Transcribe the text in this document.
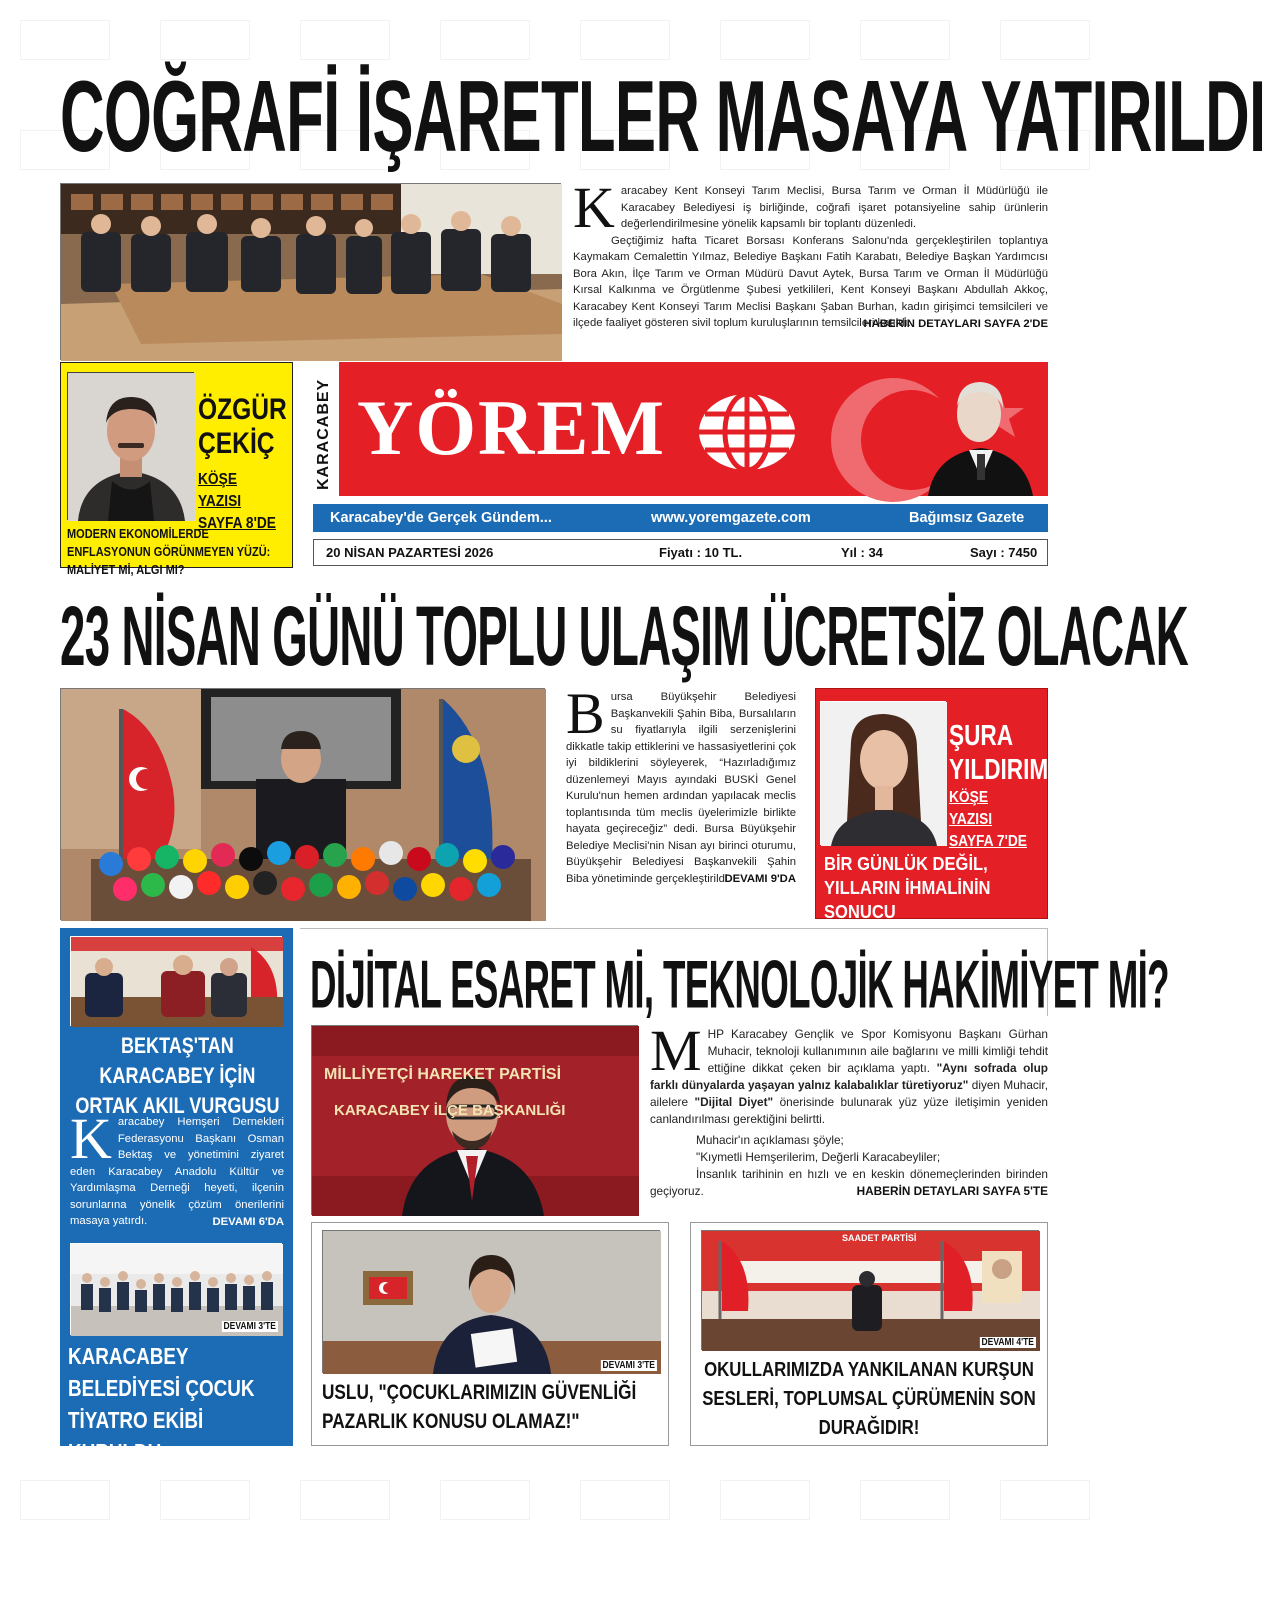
COĞRAFİ İŞARETLER MASAYA YATIRILDI
K aracabey Kent Konseyi Tarım Meclisi, Bursa Tarım ve Orman İl Müdürlüğü ile Karacabey Belediyesi iş birliğinde, coğrafi işaret potansiyeline sahip ürünlerin değerlendirilmesine yönelik kapsamlı bir toplantı düzenledi.

Geçtiğimiz hafta Ticaret Borsası Konferans Salonu'nda gerçekleştirilen toplantıya Kaymakam Cemalettin Yılmaz, Belediye Başkanı Fatih Karabatı, Belediye Başkan Yardımcısı Bora Akın, İlçe Tarım ve Orman Müdürü Davut Aytek, Bursa Tarım ve Orman İl Müdürlüğü Kırsal Kalkınma ve Örgütlenme Şubesi yetkilileri, Kent Konseyi Başkanı Abdullah Akkoç, Karacabey Kent Konseyi Tarım Meclisi Başkanı Şaban Burhan, kadın girişimci temsilcileri ve ilçede faaliyet gösteren sivil toplum kuruluşlarının temsilcileri katıldı.

HABERİN DETAYLARI SAYFA 2'DE
ÖZGÜR
ÇEKİÇ
KÖŞE YAZISI
SAYFA 8'DE
MODERN EKONOMİLERDE ENFLASYONUN GÖRÜNMEYEN YÜZÜ: MALİYET Mİ, ALGI MI?
KARACABEY YÖREM
Karacabey'de Gerçek Gündem...	www.yoremgazete.com	Bağımsız Gazete
20 NİSAN PAZARTESİ 2026	Fiyatı : 10 TL.	Yıl : 34	Sayı : 7450
23 NİSAN GÜNÜ TOPLU ULAŞIM ÜCRETSİZ OLACAK
B ursa Büyükşehir Belediyesi Başkanvekili Şahin Biba, Bursalıların su fiyatlarıyla ilgili serzenişlerini dikkatle takip ettiklerini ve hassasiyetlerini çok iyi bildiklerini söyleyerek, “Hazırladığımız düzenlemeyi Mayıs ayındaki BUSKİ Genel Kurulu'nun hemen ardından yapılacak meclis toplantısında tüm meclis üyelerimizle birlikte hayata geçireceğiz” dedi. Bursa Büyükşehir Belediye Meclisi'nin Nisan ayı birinci oturumu, Büyükşehir Belediyesi Başkanvekili Şahin Biba yönetiminde gerçekleştirildi.

DEVAMI 9'DA
ŞURA
YILDIRIM
KÖŞE YAZISI
SAYFA 7'DE
BİR GÜNLÜK DEĞİL, YILLARIN İHMALİNİN SONUCU
BEKTAŞ'TAN KARACABEY İÇİN ORTAK AKIL VURGUSU
K aracabey Hemşeri Dernekleri Federasyonu Başkanı Osman Bektaş ve yönetimini ziyaret eden Karacabey Anadolu Kültür ve Yardımlaşma Derneği heyeti, ilçenin sorunlarına yönelik çözüm önerilerini masaya yatırdı.	DEVAMI 6'DA
DEVAMI 3'TE
KARACABEY BELEDİYESİ ÇOCUK TİYATRO EKİBİ KURULDU
DİJİTAL ESARET Mİ, TEKNOLOJİK HAKİMİYET Mİ?
MİLLİYETÇİ HAREKET PARTİSİ
KARACABEY İLÇE BAŞKANLIĞI
M HP Karacabey Gençlik ve Spor Komisyonu Başkanı Gürhan Muhacir, teknoloji kullanımının aile bağlarını ve milli kimliği tehdit ettiğine dikkat çeken bir açıklama yaptı. "Aynı sofrada olup farklı dünyalarda yaşayan yalnız kalabalıklar türetiyoruz" diyen Muhacir, ailelere "Dijital Diyet" önerisinde bulunarak yüz yüze iletişimin yeniden canlandırılması gerektiğini belirtti.

Muhacir'ın açıklaması şöyle;

"Kıymetli Hemşerilerim, Değerli Karacabeyliler;

İnsanlık tarihinin en hızlı ve en keskin dönemeçlerinden birinden geçiyoruz.	HABERİN DETAYLARI SAYFA 5'TE
DEVAMI 3'TE
USLU, "ÇOCUKLARIMIZIN GÜVENLİĞİ PAZARLIK KONUSU OLAMAZ!"
SAADET PARTİSİ
DEVAMI 4'TE
OKULLARIMIZDA YANKILANAN KURŞUN SESLERİ, TOPLUMSAL ÇÜRÜMENİN SON DURAĞIDIR!
